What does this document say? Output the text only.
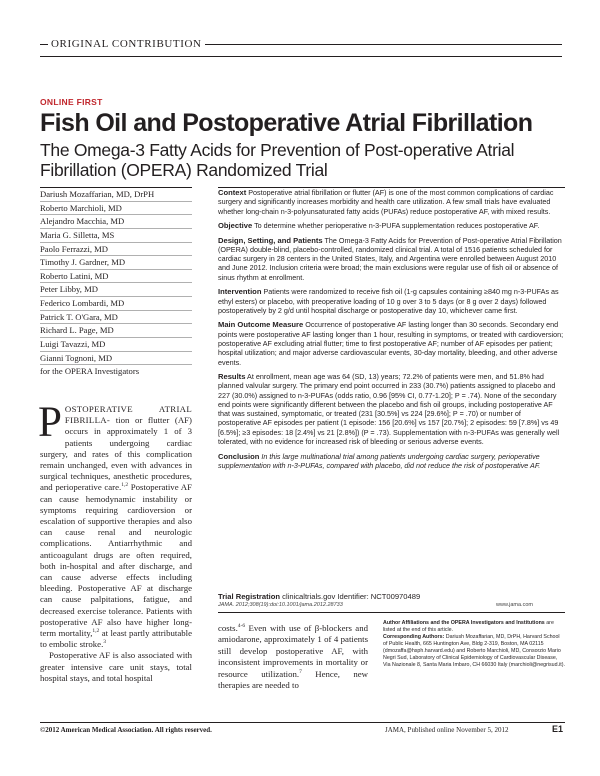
ORIGINAL CONTRIBUTION
ONLINE FIRST
Fish Oil and Postoperative Atrial Fibrillation
The Omega-3 Fatty Acids for Prevention of Post-operative Atrial Fibrillation (OPERA) Randomized Trial
Dariush Mozaffarian, MD, DrPH
Roberto Marchioli, MD
Alejandro Macchia, MD
Maria G. Silletta, MS
Paolo Ferrazzi, MD
Timothy J. Gardner, MD
Roberto Latini, MD
Peter Libby, MD
Federico Lombardi, MD
Patrick T. O'Gara, MD
Richard L. Page, MD
Luigi Tavazzi, MD
Gianni Tognoni, MD
for the OPERA Investigators

POSTOPERATIVE ATRIAL FIBRILLA- tion or flutter (AF) occurs in approximately 1 of 3 patients undergoing cardiac surgery, and rates of this complication remain unchanged, even with advances in surgical techniques, anesthetic procedures, and perioperative care.$^{1,2}$ Postoperative AF can cause hemodynamic instability or symptoms requiring cardioversion or escalation of supportive therapies and also can cause renal and neurologic complications. Antiarrhythmic and anticoagulant drugs are often required, both in-hospital and after discharge, and can cause adverse effects including bleeding. Postoperative AF at discharge can cause palpitations, fatigue, and decreased exercise tolerance. Patients with postoperative AF also have higher long-term mortality,$^{1,2}$ at least partly attributable to embolic stroke.$^3$

Postoperative AF is also associated with greater intensive care unit stays, total hospital stays, and total hospital

Context Postoperative atrial fibrillation or flutter (AF) is one of the most common complications of cardiac surgery and significantly increases morbidity and health care utilization. A few small trials have evaluated whether long-chain n-3-polyunsaturated fatty acids (PUFAs) reduce postoperative AF, with mixed results.
Objective To determine whether perioperative n-3-PUFA supplementation reduces postoperative AF.
Design, Setting, and Patients The Omega-3 Fatty Acids for Prevention of Post-operative Atrial Fibrillation (OPERA) double-blind, placebo-controlled, randomized clinical trial. A total of 1516 patients scheduled for cardiac surgery in 28 centers in the United States, Italy, and Argentina were enrolled between August 2010 and June 2012. Inclusion criteria were broad; the main exclusions were regular use of fish oil or absence of sinus rhythm at enrollment.
Intervention Patients were randomized to receive fish oil (1-g capsules containing ≥840 mg n-3-PUFAs as ethyl esters) or placebo, with preoperative loading of 10 g over 3 to 5 days (or 8 g over 2 days) followed postoperatively by 2 g/d until hospital discharge or postoperative day 10, whichever came first.
Main Outcome Measure Occurrence of postoperative AF lasting longer than 30 seconds. Secondary end points were postoperative AF lasting longer than 1 hour, resulting in symptoms, or treated with cardioversion; postoperative AF excluding atrial flutter; time to first postoperative AF; number of AF episodes per patient; hospital utilization; and major adverse cardiovascular events, 30-day mortality, bleeding, and other adverse events.
Results At enrollment, mean age was 64 (SD, 13) years; 72.2% of patients were men, and 51.8% had planned valvular surgery. The primary end point occurred in 233 (30.7%) patients assigned to placebo and 227 (30.0%) assigned to n-3-PUFAs (odds ratio, 0.96 [95% CI, 0.77-1.20]; P = .74). None of the secondary end points were significantly different between the placebo and fish oil groups, including postoperative AF that was sustained, symptomatic, or treated (231 [30.5%] vs 224 [29.6%]; P = .70) or number of postoperative AF episodes per patient (1 episode: 156 [20.6%] vs 157 [20.7%]; 2 episodes: 59 [7.8%] vs 49 [6.5%]; ≥3 episodes: 18 [2.4%] vs 21 [2.8%]) (P = .73). Supplementation with n-3-PUFAs was generally well tolerated, with no evidence for increased risk of bleeding or serious adverse events.
Conclusion In this large multinational trial among patients undergoing cardiac surgery, perioperative supplementation with n-3-PUFAs, compared with placebo, did not reduce the risk of postoperative AF.
Trial Registration clinicaltrials.gov Identifier: NCT00970489
JAMA. 2012;308(19):doi:10.1001/jama.2012.28733	www.jama.com
costs.$^{4-6}$ Even with use of β-blockers and amiodarone, approximately 1 of 4 patients still develop postoperative AF, with inconsistent improvements in mortality or resource utilization.$^7$ Hence, new therapies are needed to

Author Affiliations and the OPERA Investigators and Institutions are listed at the end of this article.

Corresponding Authors: Dariush Mozaffarian, MD, DrPH, Harvard School of Public Health, 665 Huntington Ave, Bldg 2-319, Boston, MA 02115 (dmozaffa@hsph.harvard.edu) and Roberto Marchioli, MD, Consorzio Mario Negri Sud, Laboratory of Clinical Epidemiology of Cardiovascular Disease, Via Nazionale 8, Santa Maria Imbaro, CH 66030 Italy (marchioli@negrisud.it).

©2012 American Medical Association. All rights reserved.	JAMA, Published online November 5, 2012	E1
